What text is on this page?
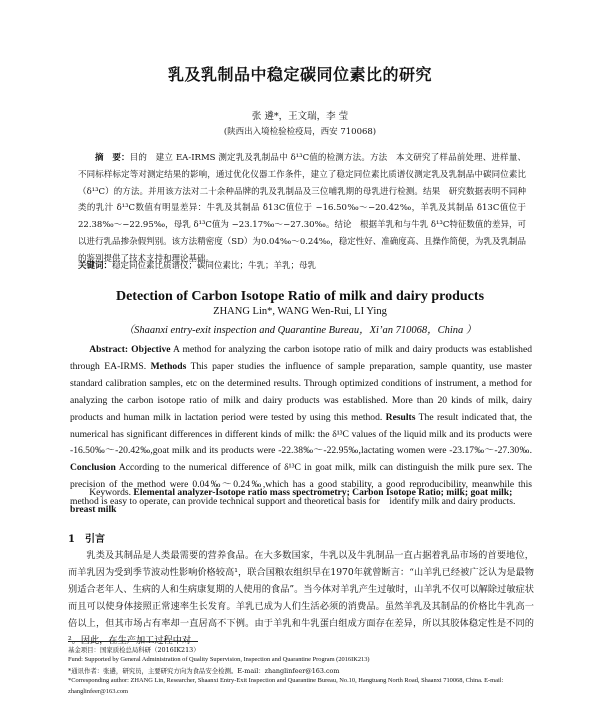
乳及乳制品中稳定碳同位素比的研究
张 遴*，王文瑞，李 莹
(陕西出入境检验检疫局，西安 710068)
摘　要：目的　建立 EA-IRMS 测定乳及乳制品中 δ¹³C值的检测方法。方法　本文研究了样品前处理、进样量、不同标样标定等对测定结果的影响，通过优化仪器工作条件，建立了稳定同位素比质谱仪测定乳及乳制品中碳同位素比（δ¹³C）的方法。并用该方法对二十余种品牌的乳及乳制品及三位哺乳期的母乳进行检测。结果　研究数据表明不同种类的乳汁 δ¹³C数值有明显差异：牛乳及其制品 δ13C值位于 −16.50‰～−20.42‰，羊乳及其制品 δ13C值位于　22.38‰～−22.95‰，母乳 δ¹³C值为 −23.17‰～−27.30‰。结论　根据羊乳和与牛乳 δ¹³C特征数值的差异，可以进行乳品掺杂假判别。该方法精密度（SD）为0.04‰～0.24‰，稳定性好、准确度高、且操作简便，为乳及乳制品的鉴别提供了技术支持和理论基础。
关键词：稳定同位素比质谱仪；碳同位素比；牛乳；羊乳；母乳
Detection of Carbon Isotope Ratio of milk and dairy products
ZHANG Lin*, WANG Wen-Rui, LI Ying
（Shaanxi entry-exit inspection and Quarantine Bureau，Xi’an 710068，China ）
Abstract: Objective A method for analyzing the carbon isotope ratio of milk and dairy products was established through EA-IRMS. Methods This paper studies the influence of sample preparation, sample quantity, use master standard calibration samples, etc on the determined results. Through optimized conditions of instrument, a method for analyzing the carbon isotope ratio of milk and dairy products was established. More than 20 kinds of milk, dairy products and human milk in lactation period were tested by using this method. Results The result indicated that, the numerical has significant differences in different kinds of milk: the δ¹³C values of the liquid milk and its products were -16.50‰～-20.42‰,goat milk and its products were -22.38‰～-22.95‰,lactating women were -23.17‰～-27.30‰. Conclusion According to the numerical difference of δ¹³C in goat milk, milk can distinguish the milk pure sex. The precision of the method were 0.04‰～0.24‰,which has a good stability, a good reproducibility, meanwhile this method is easy to operate, can provide technical support and theoretical basis for　identify milk and dairy products.
Keywords. Elemental analyzer-Isotope ratio mass spectrometry; Carbon Isotope Ratio; milk; goat milk; breast milk
1　引言
乳类及其制品是人类最需要的营养食品。在大多数国家，牛乳以及牛乳制品一直占据着乳品市场的首要地位，而羊乳因为受到季节波动性影响价格较高¹，联合国粮农组织早在1970年就曾断言：“山羊乳已经被广泛认为是最物别适合老年人、生病的人和生病康复期的人使用的食品”。当今体对羊乳产生过敏时，山羊乳不仅可以解除过敏症状而且可以使身体接照正常速率生长发育。羊乳已成为人们生活必须的消费品。虽然羊乳及其制品的价格比牛乳高一倍以上，但其市场占有率却一直居高不下例。由于羊乳和牛乳蛋白组成方面存在差异，所以其胶体稳定性是不同的²。因此，在生产加工过程中对
基金项目：国家质检总局科研（2016IK213）
Fund: Supported by General Administration of Quality Supervision, Inspection and Quarantine Program (2016IK213)
*通讯作者：张遴，研究员，主要研究方向为食品安全检测。E-mail：zhanglinfeer@163.com
*Corresponding author: ZHANG Lin, Researcher, Shaanxi Entry-Exit Inspection and Quarantine Bureau, No.10, Hangtuang North Road, Shaanxi 710068, China. E-mail: zhanglinfeer@163.com
